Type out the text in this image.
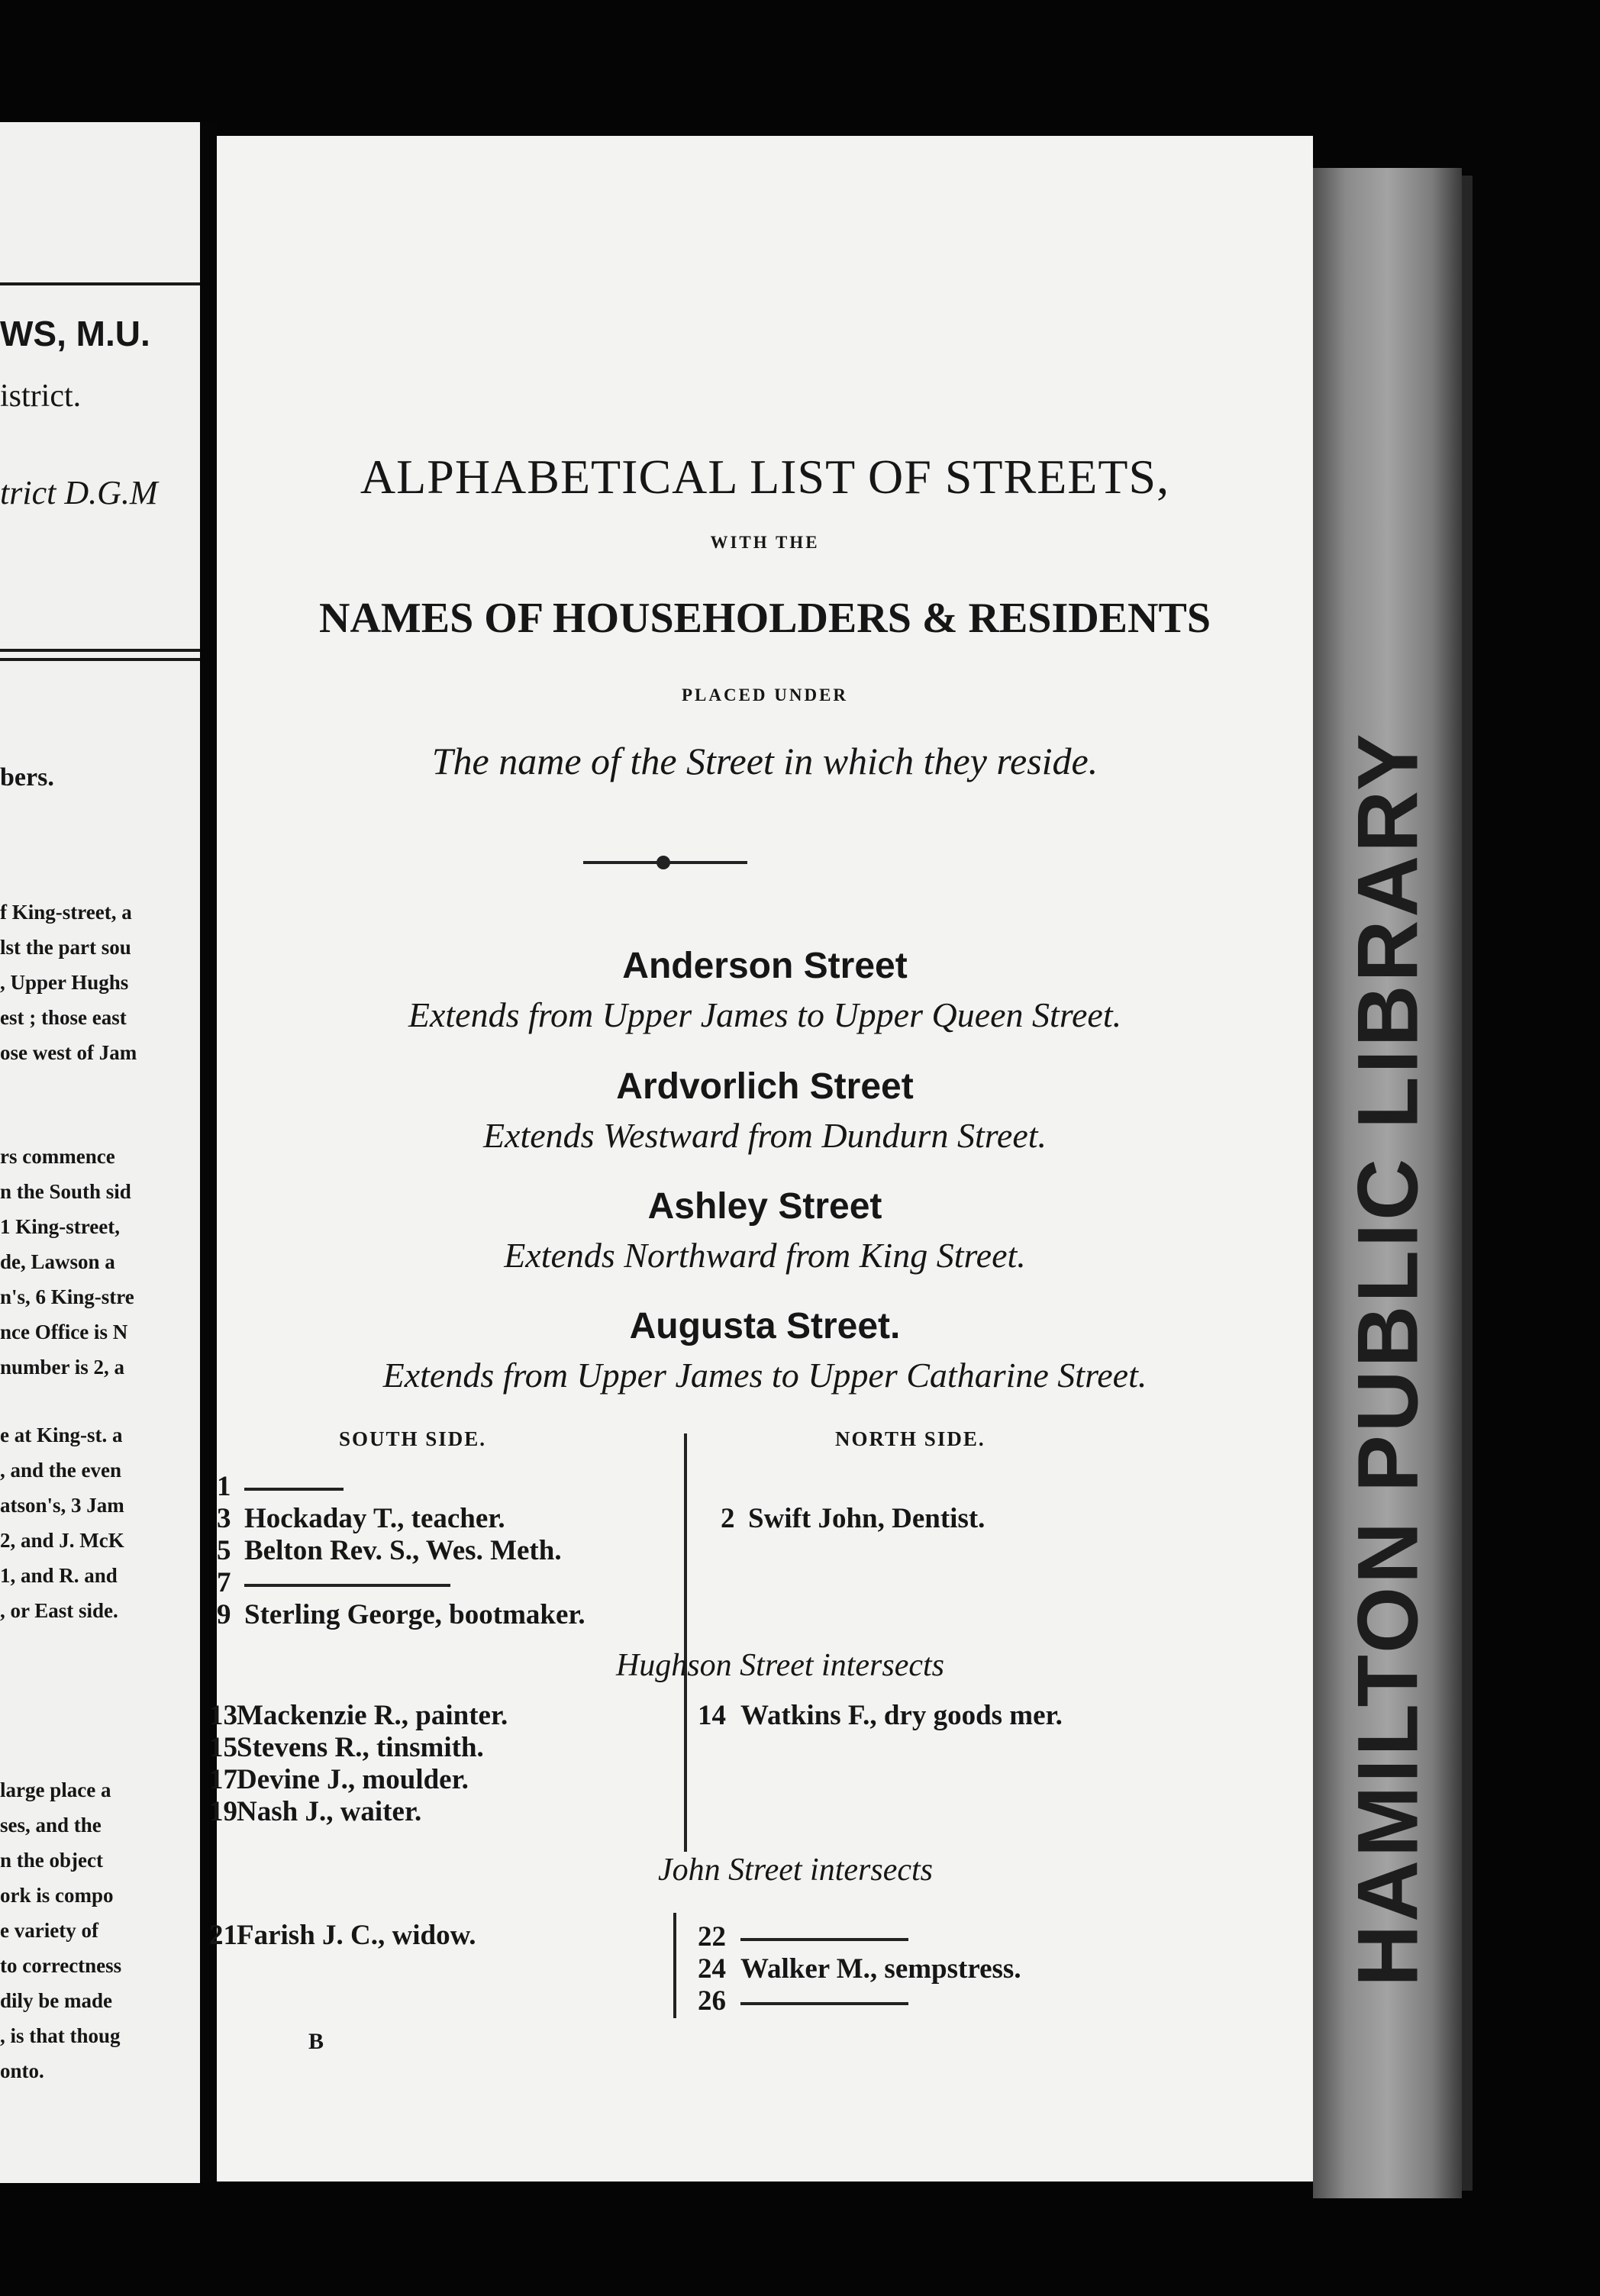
WS, M.U.
istrict.
trict D.G.M
bers.
f King-street, a
lst the part sou
, Upper Hughs
est ; those east
ose west of Jam
rs commence
n the South sid
1 King-street,
de, Lawson a
n's, 6 King-stre
nce Office is N
number is 2, a
e at King-st. a
, and the even
atson's, 3 Jam
2, and J. McK
1, and R. and
, or East side.
large place a
ses, and the
n the object
ork is compo
e variety of
to correctness
dily be made
, is that thoug
onto.
ALPHABETICAL LIST OF STREETS,
WITH THE
NAMES OF HOUSEHOLDERS & RESIDENTS
PLACED UNDER
The name of the Street in which they reside.
Anderson Street
Extends from Upper James to Upper Queen Street.
Ardvorlich Street
Extends Westward from Dundurn Street.
Ashley Street
Extends Northward from King Street.
Augusta Street.
Extends from Upper James to Upper Catharine Street.
SOUTH SIDE.	NORTH SIDE.
1
3 Hockaday T., teacher.
5 Belton Rev. S., Wes. Meth.
7
9 Sterling George, bootmaker.
2 Swift John, Dentist.
Hughson Street intersects
13Mackenzie R., painter.
15Stevens R., tinsmith.
17Devine J., moulder.
19Nash J., waiter.
14 Watkins F., dry goods mer.
John Street intersects
21Farish J. C., widow.	22
24 Walker M., sempstress.
26
B
HAMILTON PUBLIC LIBRARY
